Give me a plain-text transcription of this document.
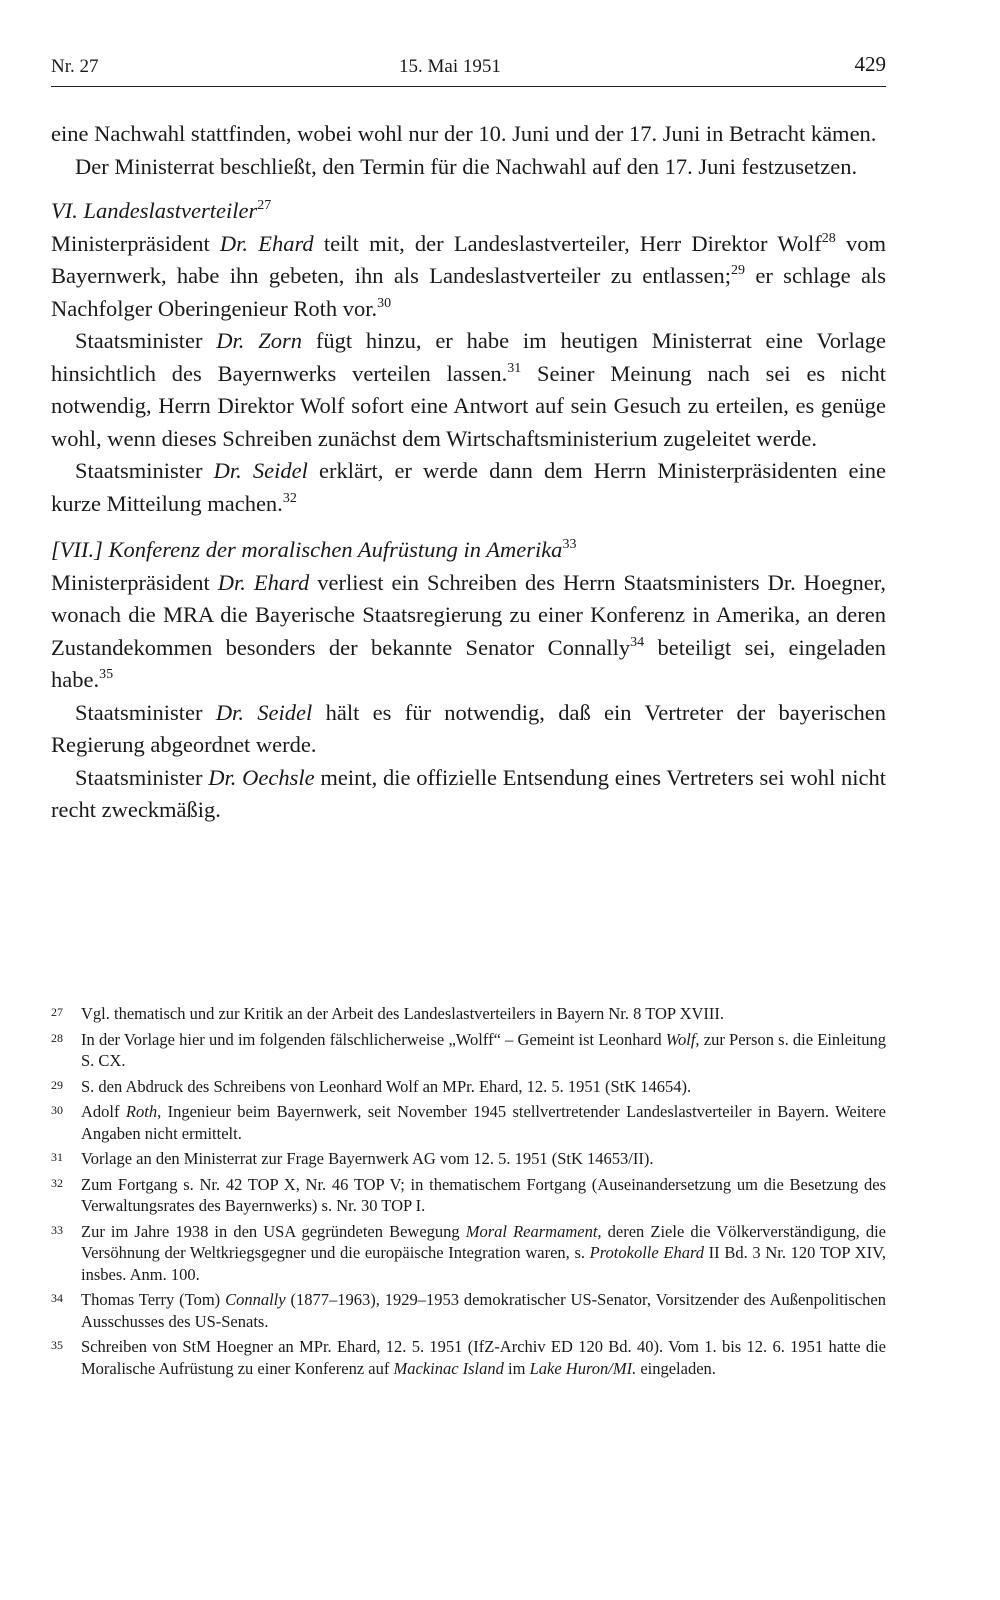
Nr. 27	15. Mai 1951	429

eine Nachwahl stattfinden, wobei wohl nur der 10. Juni und der 17. Juni in Betracht kämen.

Der Ministerrat beschließt, den Termin für die Nachwahl auf den 17. Juni festzusetzen.

VI. Landeslastverteiler$^{27}$

Ministerpräsident Dr. Ehard teilt mit, der Landeslastverteiler, Herr Direktor Wolf$^{28}$ vom Bayernwerk, habe ihn gebeten, ihn als Landeslastverteiler zu entlassen;$^{29}$ er schlage als Nachfolger Oberingenieur Roth vor.$^{30}$

Staatsminister Dr. Zorn fügt hinzu, er habe im heutigen Ministerrat eine Vorlage hinsichtlich des Bayernwerks verteilen lassen.$^{31}$ Seiner Meinung nach sei es nicht notwendig, Herrn Direktor Wolf sofort eine Antwort auf sein Gesuch zu erteilen, es genüge wohl, wenn dieses Schreiben zunächst dem Wirtschaftsministerium zugeleitet werde.

Staatsminister Dr. Seidel erklärt, er werde dann dem Herrn Ministerpräsidenten eine kurze Mitteilung machen.$^{32}$

[VII.] Konferenz der moralischen Aufrüstung in Amerika$^{33}$

Ministerpräsident Dr. Ehard verliest ein Schreiben des Herrn Staatsministers Dr. Hoegner, wonach die MRA die Bayerische Staatsregierung zu einer Konferenz in Amerika, an deren Zustandekommen besonders der bekannte Senator Connally$^{34}$ beteiligt sei, eingeladen habe.$^{35}$

Staatsminister Dr. Seidel hält es für notwendig, daß ein Vertreter der bayerischen Regierung abgeordnet werde.

Staatsminister Dr. Oechsle meint, die offizielle Entsendung eines Vertreters sei wohl nicht recht zweckmäßig.

27	Vgl. thematisch und zur Kritik an der Arbeit des Landeslastverteilers in Bayern Nr. 8 TOP XVIII.
28	In der Vorlage hier und im folgenden fälschlicherweise „Wolff“ – Gemeint ist Leonhard Wolf, zur Person s. die Einleitung S. CX.
29	S. den Abdruck des Schreibens von Leonhard Wolf an MPr. Ehard, 12. 5. 1951 (StK 14654).
30	Adolf Roth, Ingenieur beim Bayernwerk, seit November 1945 stellvertretender Landeslastverteiler in Bayern. Weitere Angaben nicht ermittelt.
31	Vorlage an den Ministerrat zur Frage Bayernwerk AG vom 12. 5. 1951 (StK 14653/II).
32	Zum Fortgang s. Nr. 42 TOP X, Nr. 46 TOP V; in thematischem Fortgang (Auseinandersetzung um die Besetzung des Verwaltungsrates des Bayernwerks) s. Nr. 30 TOP I.
33	Zur im Jahre 1938 in den USA gegründeten Bewegung Moral Rearmament, deren Ziele die Völkerverständigung, die Versöhnung der Weltkriegsgegner und die europäische Integration waren, s. Protokolle Ehard II Bd. 3 Nr. 120 TOP XIV, insbes. Anm. 100.
34	Thomas Terry (Tom) Connally (1877–1963), 1929–1953 demokratischer US-Senator, Vorsitzender des Außenpolitischen Ausschusses des US-Senats.
35	Schreiben von StM Hoegner an MPr. Ehard, 12. 5. 1951 (IfZ-Archiv ED 120 Bd. 40). Vom 1. bis 12. 6. 1951 hatte die Moralische Aufrüstung zu einer Konferenz auf Mackinac Island im Lake Huron/MI. eingeladen.
